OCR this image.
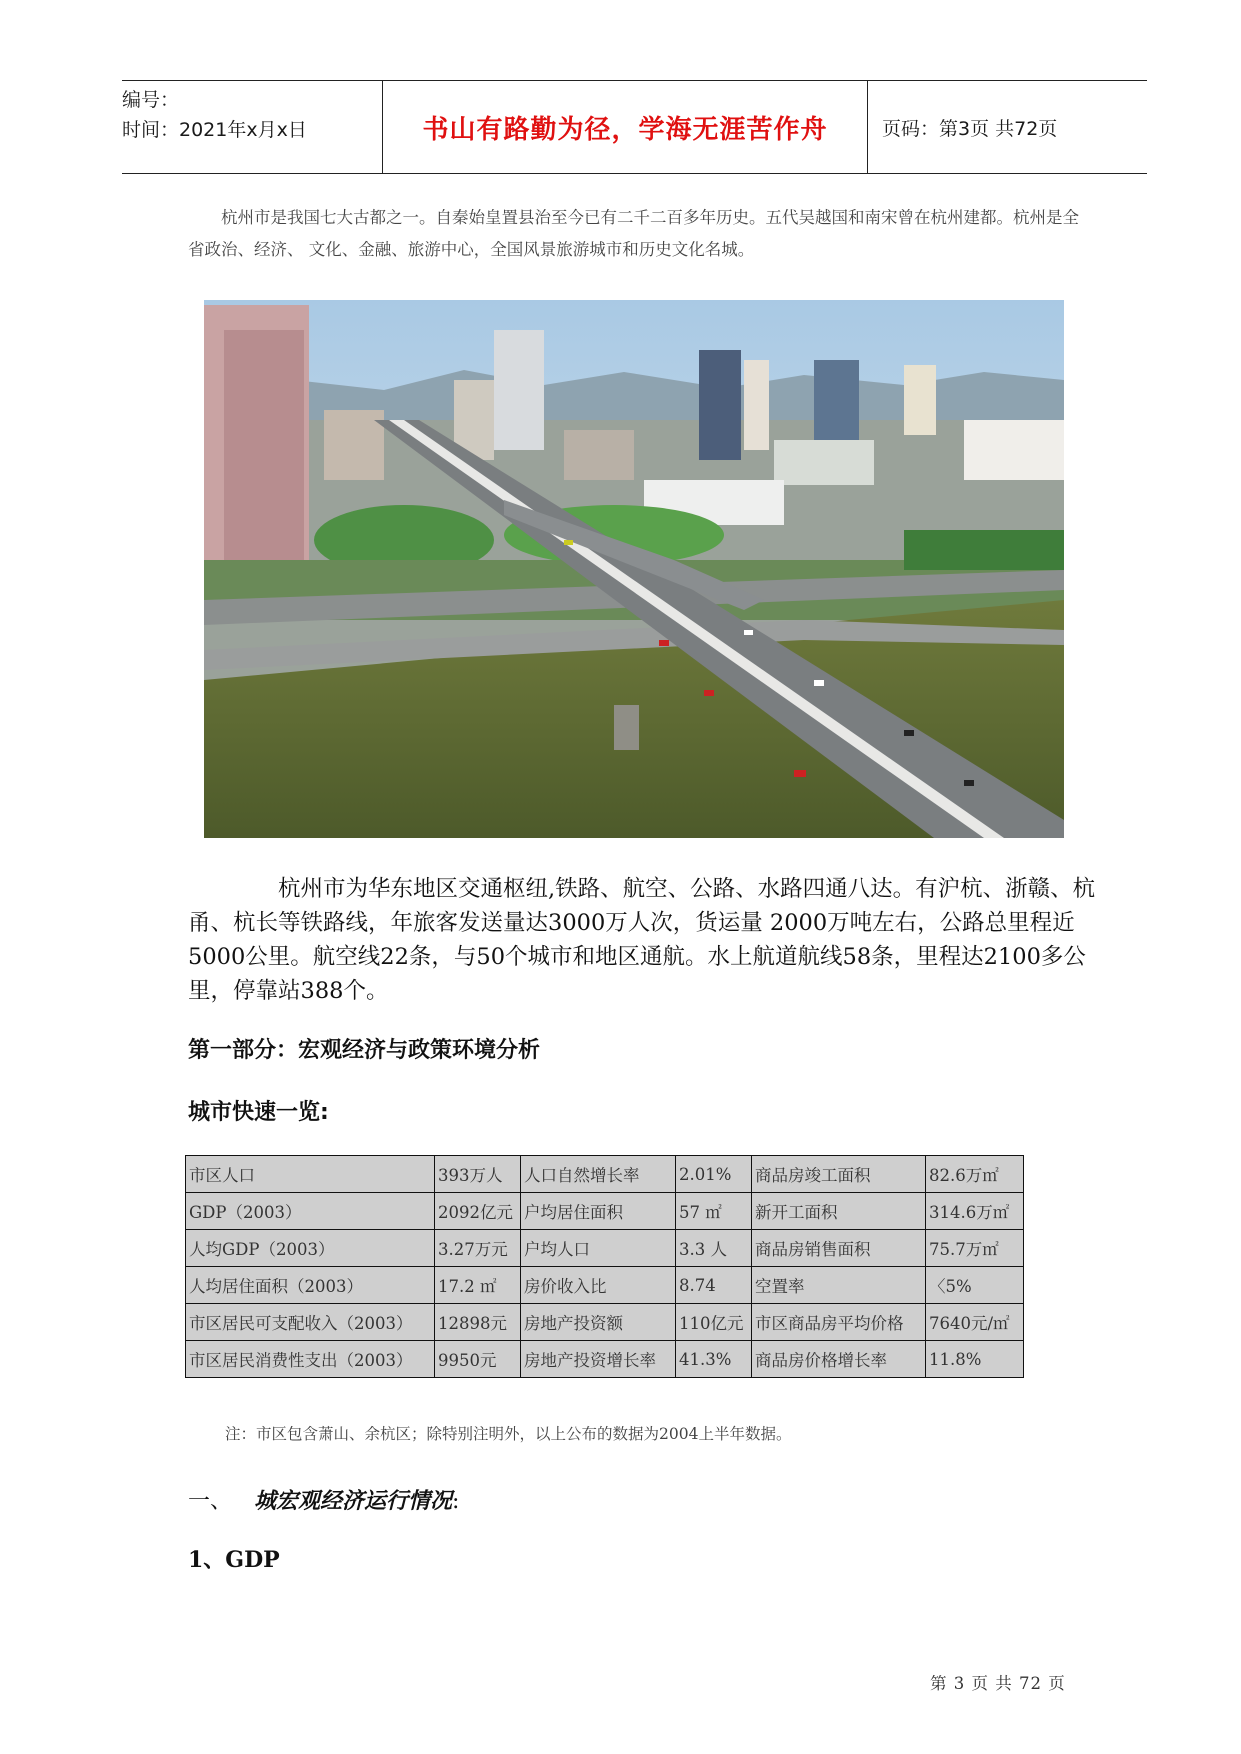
编号：
时间：2021年x月x日	书山有路勤为径，学海无涯苦作舟	页码：第3页 共72页

杭州市是我国七大古都之一。自秦始皇置县治至今已有二千二百多年历史。五代吴越国和南宋曾在杭州建都。杭州是全省政治、经济、 文化、金融、旅游中心，全国风景旅游城市和历史文化名城。

杭州市为华东地区交通枢纽,铁路、航空、公路、水路四通八达。有沪杭、浙赣、杭甬、杭长等铁路线，年旅客发送量达3000万人次，货运量 2000万吨左右，公路总里程近5000公里。航空线22条，与50个城市和地区通航。水上航道航线58条，里程达2100多公里，停靠站388个。

第一部分：宏观经济与政策环境分析
城市快速一览:
市区人口	393万人	人口自然增长率	2.01%	商品房竣工面积	82.6万㎡
GDP（2003）	2092亿元	户均居住面积	57 ㎡	新开工面积	314.6万㎡
人均GDP（2003）	3.27万元	户均人口	3.3 人	商品房销售面积	75.7万㎡
人均居住面积（2003）	17.2 ㎡	房价收入比	8.74	空置率	〈5%
市区居民可支配收入（2003）	12898元	房地产投资额	110亿元	市区商品房平均价格	7640元/㎡
市区居民消费性支出（2003）	9950元	房地产投资增长率	41.3%	商品房价格增长率	11.8%
注：市区包含萧山、余杭区；除特别注明外，以上公布的数据为2004上半年数据。
一、 城宏观经济运行情况:
1、GDP
第 3 页 共 72 页
